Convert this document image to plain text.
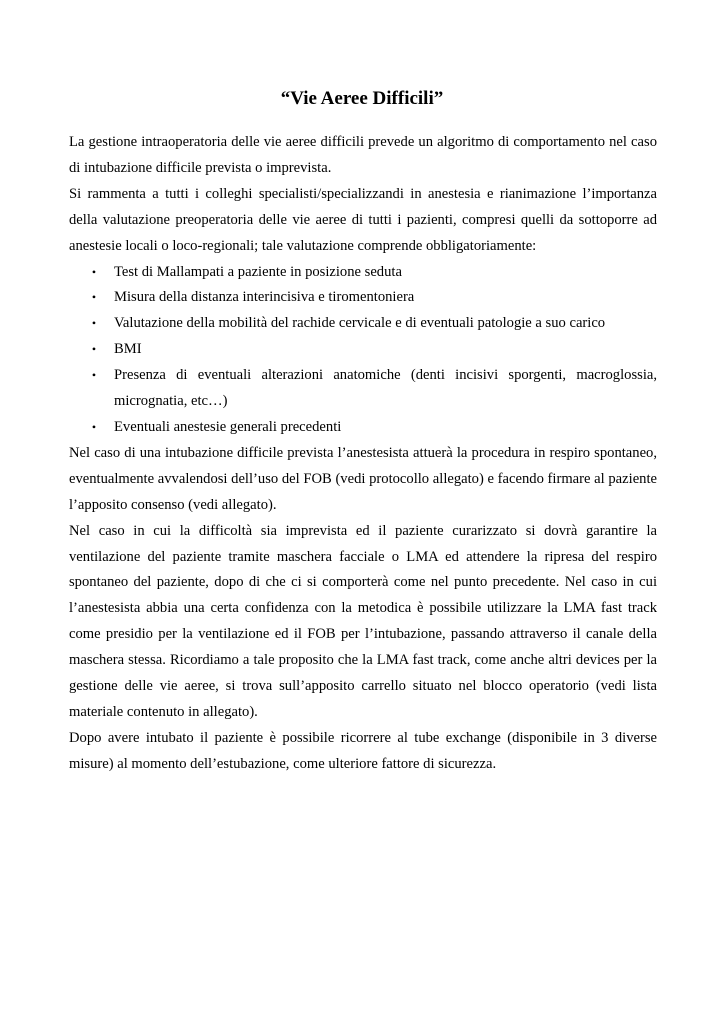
“Vie Aeree Difficili”

La gestione intraoperatoria delle vie aeree difficili prevede un algoritmo di comportamento nel caso di intubazione difficile prevista o imprevista.

Si rammenta a tutti i colleghi specialisti/specializzandi in anestesia e rianimazione l’importanza della valutazione preoperatoria delle vie aeree di tutti i pazienti, compresi quelli da sottoporre ad anestesie locali o loco-regionali; tale valutazione comprende obbligatoriamente:

• Test di Mallampati a paziente in posizione seduta
• Misura della distanza interincisiva e tiromentoniera
• Valutazione della mobilità del rachide cervicale e di eventuali patologie a suo carico
• BMI
• Presenza di eventuali alterazioni anatomiche (denti incisivi sporgenti, macroglossia, micrognatia, etc…)
• Eventuali anestesie generali precedenti

Nel caso di una intubazione difficile prevista l’anestesista attuerà la procedura in respiro spontaneo, eventualmente avvalendosi dell’uso del FOB (vedi protocollo allegato) e facendo firmare al paziente l’apposito consenso (vedi allegato).

Nel caso in cui la difficoltà sia imprevista ed il paziente curarizzato si dovrà garantire la ventilazione del paziente tramite maschera facciale o LMA ed attendere la ripresa del respiro spontaneo del paziente, dopo di che ci si comporterà come nel punto precedente. Nel caso in cui l’anestesista abbia una certa confidenza con la metodica è possibile utilizzare la LMA fast track come presidio per la ventilazione ed il FOB per l’intubazione, passando attraverso il canale della maschera stessa. Ricordiamo a tale proposito che la LMA fast track, come anche altri devices per la gestione delle vie aeree, si trova sull’apposito carrello situato nel blocco operatorio (vedi lista materiale contenuto in allegato).

Dopo avere intubato il paziente è possibile ricorrere al tube exchange (disponibile in 3 diverse misure) al momento dell’estubazione, come ulteriore fattore di sicurezza.
